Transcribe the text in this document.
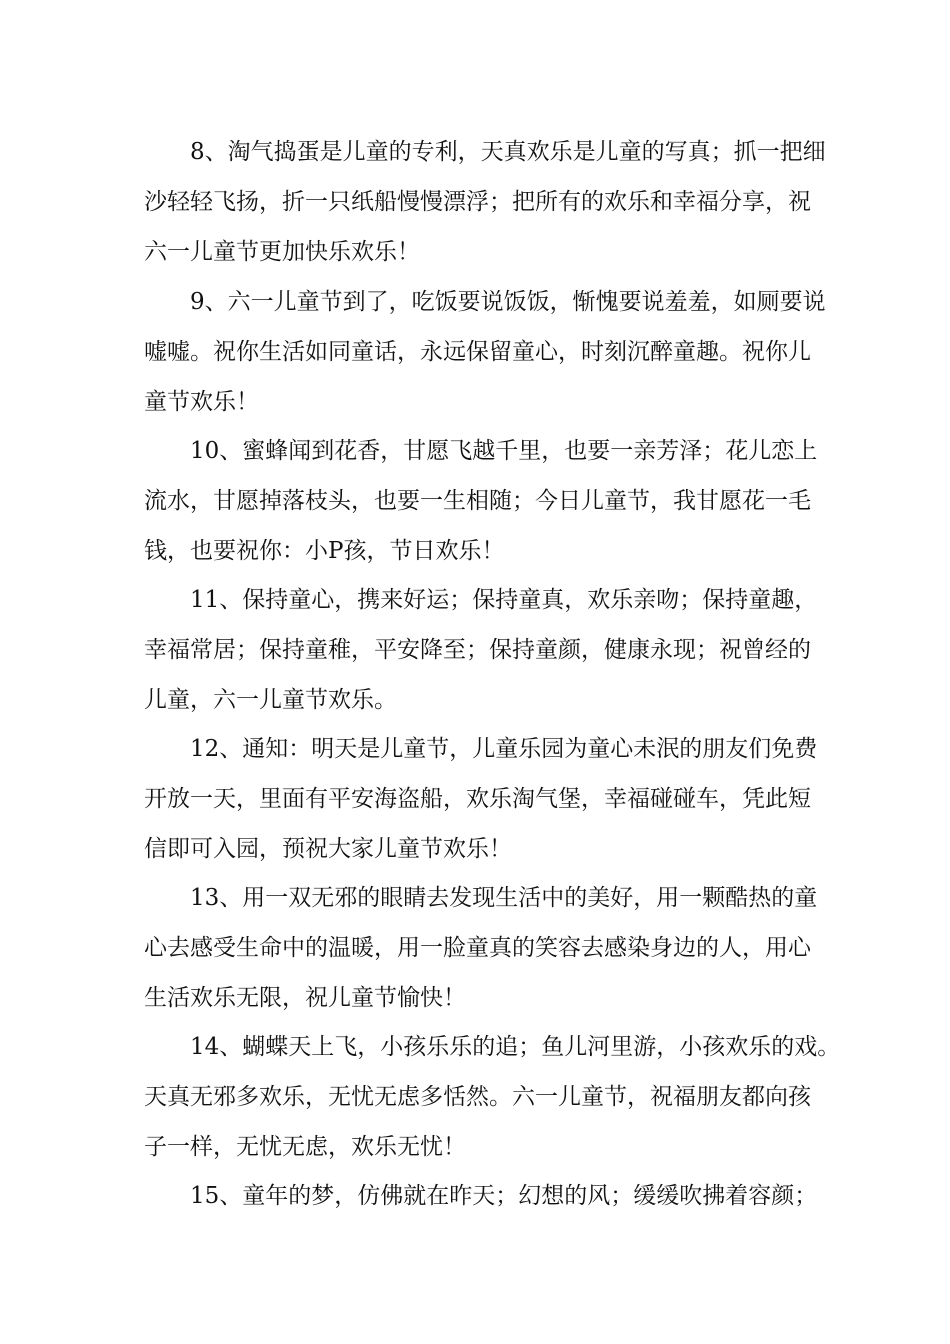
8、淘气捣蛋是儿童的专利，天真欢乐是儿童的写真；抓一把细
沙轻轻飞扬，折一只纸船慢慢漂浮；把所有的欢乐和幸福分享，祝
六一儿童节更加快乐欢乐！
9、六一儿童节到了，吃饭要说饭饭，惭愧要说羞羞，如厕要说
嘘嘘。祝你生活如同童话，永远保留童心，时刻沉醉童趣。祝你儿
童节欢乐！
10、蜜蜂闻到花香，甘愿飞越千里，也要一亲芳泽；花儿恋上
流水，甘愿掉落枝头，也要一生相随；今日儿童节，我甘愿花一毛
钱，也要祝你：小P孩，节日欢乐！
11、保持童心，携来好运；保持童真，欢乐亲吻；保持童趣，
幸福常居；保持童稚，平安降至；保持童颜，健康永现；祝曾经的
儿童，六一儿童节欢乐。
12、通知：明天是儿童节，儿童乐园为童心未泯的朋友们免费
开放一天，里面有平安海盗船，欢乐淘气堡，幸福碰碰车，凭此短
信即可入园，预祝大家儿童节欢乐！
13、用一双无邪的眼睛去发现生活中的美好，用一颗酷热的童
心去感受生命中的温暖，用一脸童真的笑容去感染身边的人，用心
生活欢乐无限，祝儿童节愉快！
14、蝴蝶天上飞，小孩乐乐的追；鱼儿河里游，小孩欢乐的戏。
天真无邪多欢乐，无忧无虑多恬然。六一儿童节，祝福朋友都向孩
子一样，无忧无虑，欢乐无忧！
15、童年的梦，仿佛就在昨天；幻想的风；缓缓吹拂着容颜；
